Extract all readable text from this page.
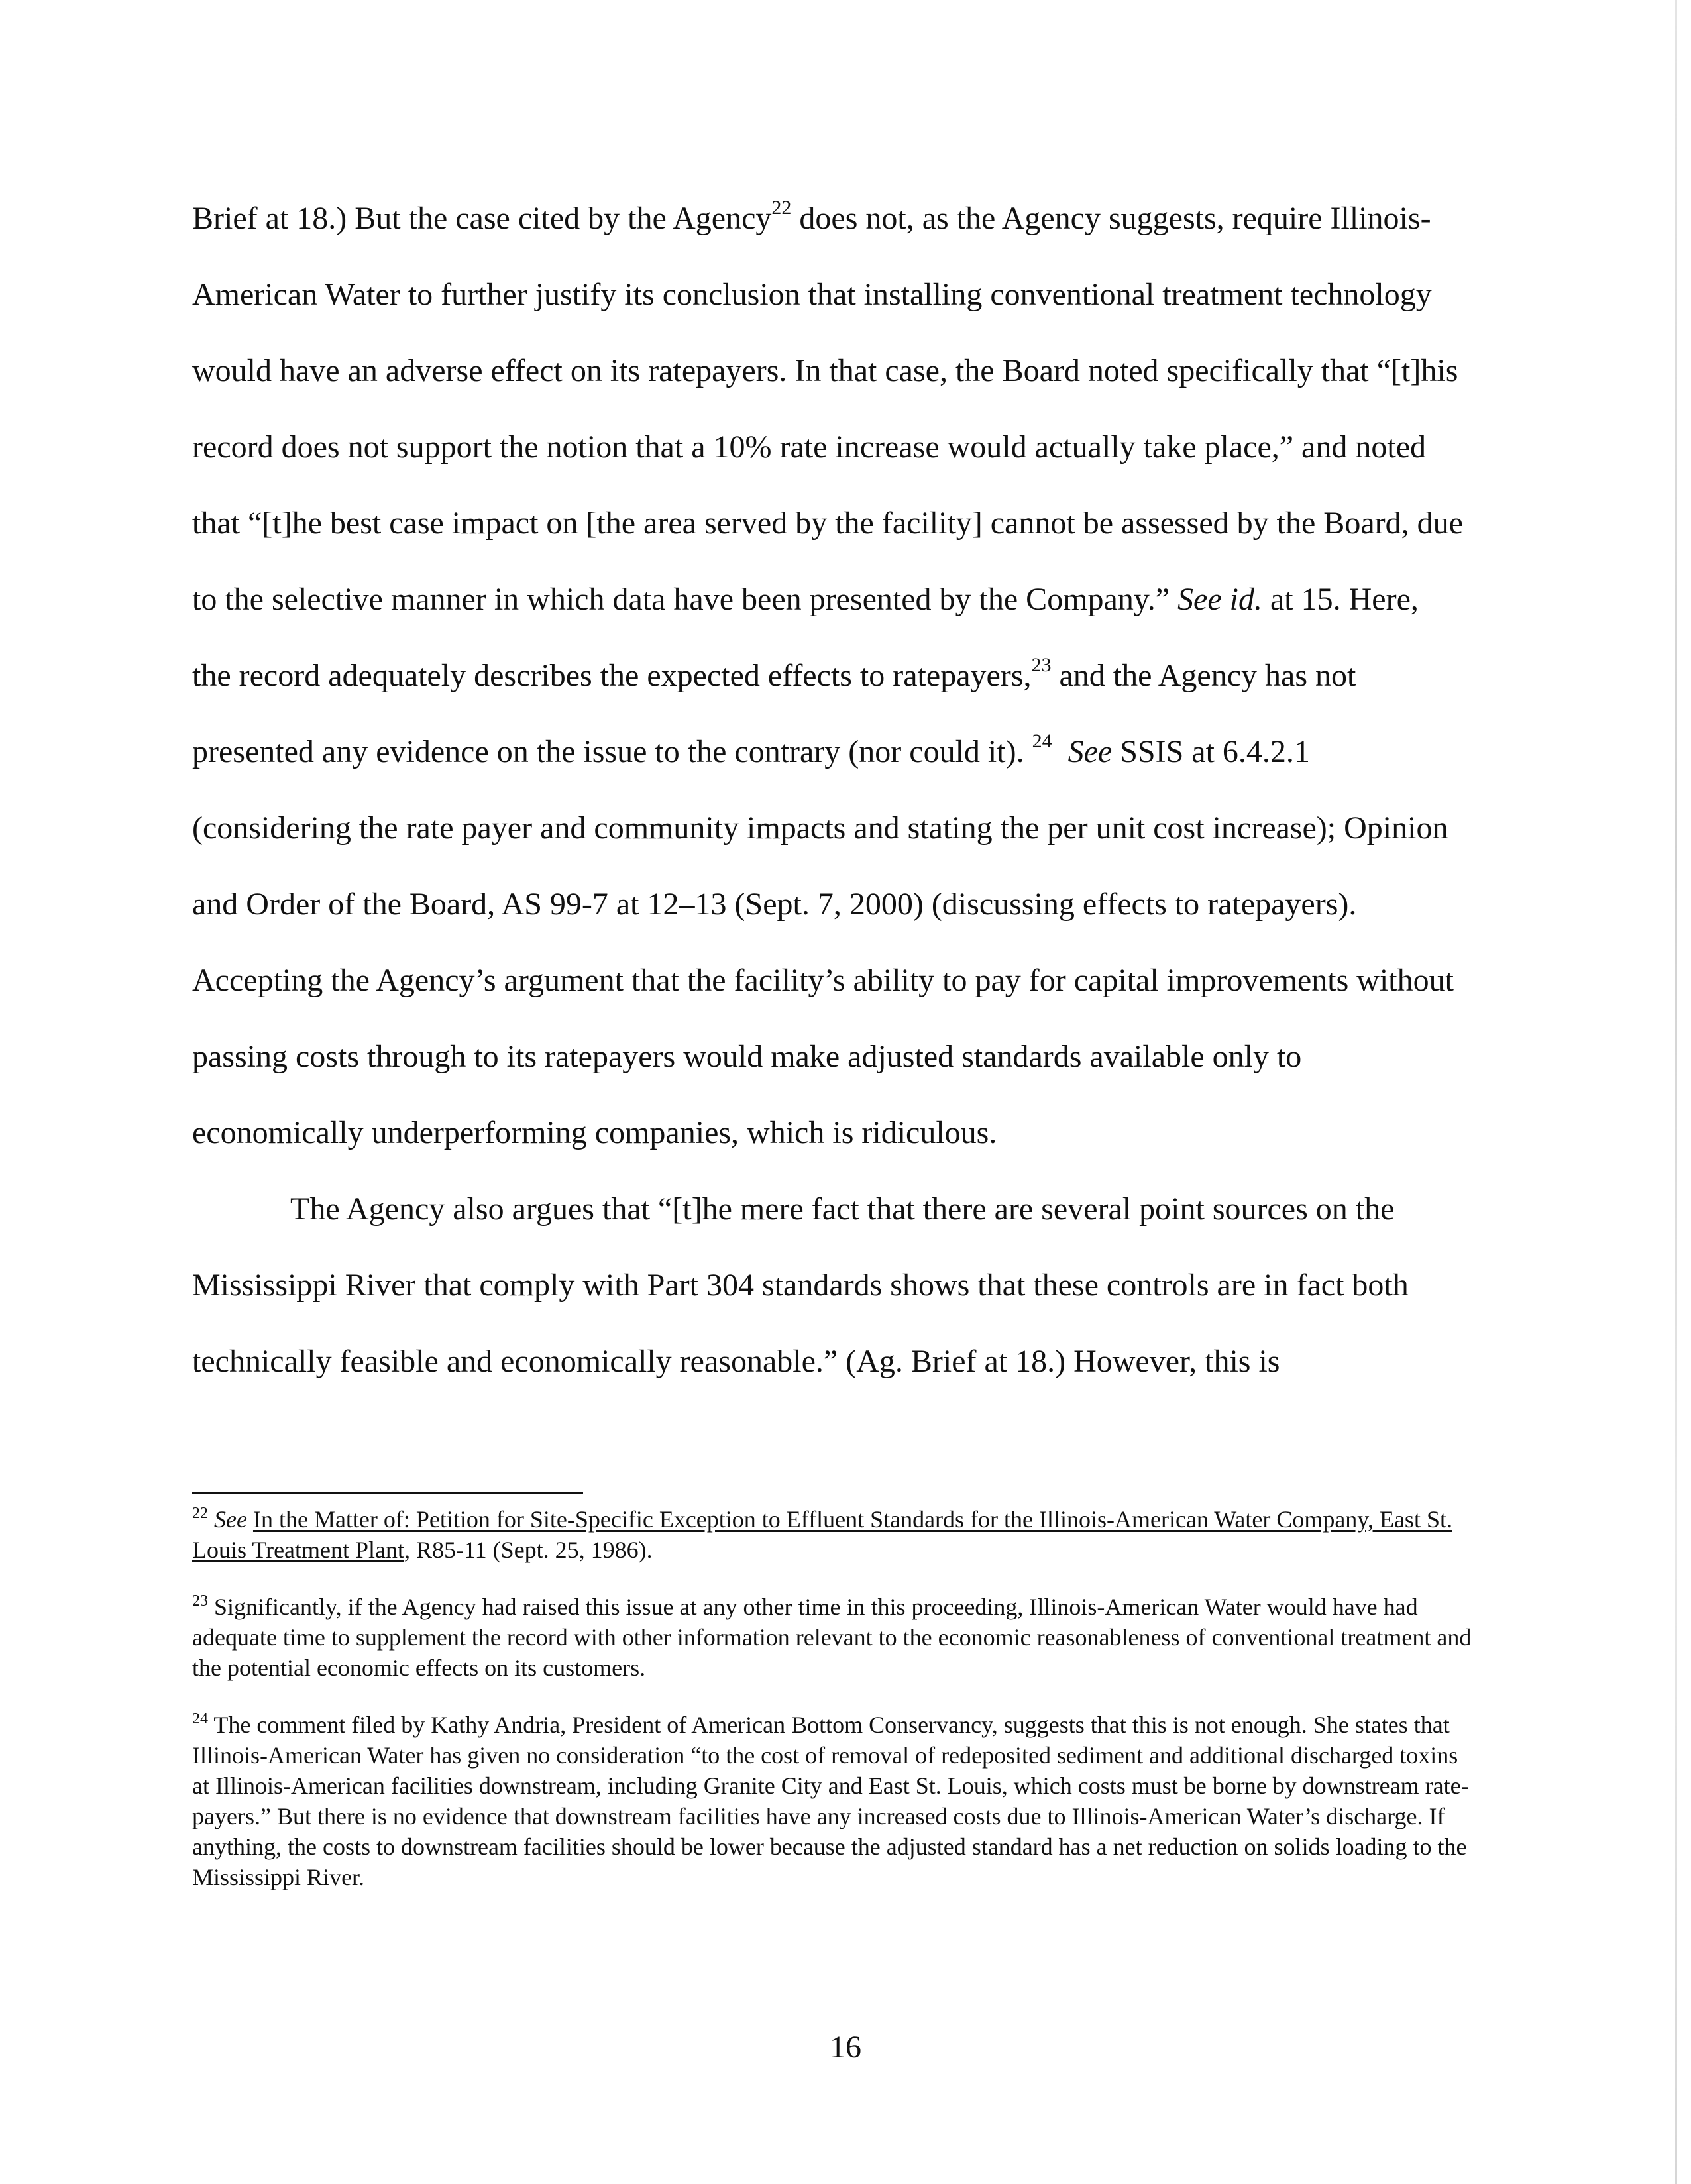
Brief at 18.) But the case cited by the Agency$^{22}$ does not, as the Agency suggests, require Illinois-American Water to further justify its conclusion that installing conventional treatment technology would have an adverse effect on its ratepayers. In that case, the Board noted specifically that “[t]his record does not support the notion that a 10% rate increase would actually take place,” and noted that “[t]he best case impact on [the area served by the facility] cannot be assessed by the Board, due to the selective manner in which data have been presented by the Company.” See id. at 15. Here, the record adequately describes the expected effects to ratepayers,$^{23}$ and the Agency has not presented any evidence on the issue to the contrary (nor could it). $^{24}$ See SSIS at 6.4.2.1 (considering the rate payer and community impacts and stating the per unit cost increase); Opinion and Order of the Board, AS 99-7 at 12–13 (Sept. 7, 2000) (discussing effects to ratepayers). Accepting the Agency’s argument that the facility’s ability to pay for capital improvements without passing costs through to its ratepayers would make adjusted standards available only to economically underperforming companies, which is ridiculous.

The Agency also argues that “[t]he mere fact that there are several point sources on the Mississippi River that comply with Part 304 standards shows that these controls are in fact both technically feasible and economically reasonable.” (Ag. Brief at 18.) However, this is

$^{22}$ See In the Matter of: Petition for Site-Specific Exception to Effluent Standards for the Illinois-American Water Company, East St. Louis Treatment Plant, R85-11 (Sept. 25, 1986).

$^{23}$ Significantly, if the Agency had raised this issue at any other time in this proceeding, Illinois-American Water would have had adequate time to supplement the record with other information relevant to the economic reasonableness of conventional treatment and the potential economic effects on its customers.

$^{24}$ The comment filed by Kathy Andria, President of American Bottom Conservancy, suggests that this is not enough. She states that Illinois-American Water has given no consideration “to the cost of removal of redeposited sediment and additional discharged toxins at Illinois-American facilities downstream, including Granite City and East St. Louis, which costs must be borne by downstream rate-payers.” But there is no evidence that downstream facilities have any increased costs due to Illinois-American Water’s discharge. If anything, the costs to downstream facilities should be lower because the adjusted standard has a net reduction on solids loading to the Mississippi River.

16
